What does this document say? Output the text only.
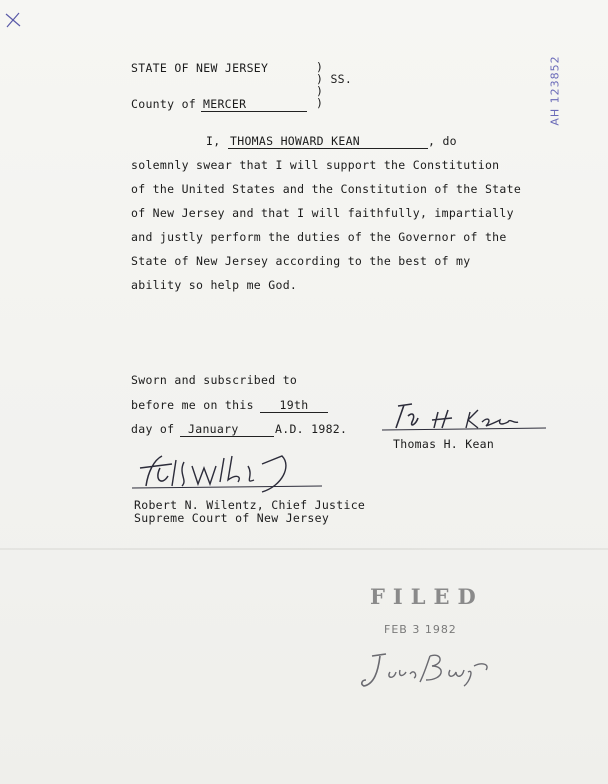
AH 123852
STATE OF NEW JERSEY	)
) SS.
)
County of MERCER	)
I, THOMAS HOWARD KEAN	, do
solemnly swear that I will support the Constitution
of the United States and the Constitution of the State
of New Jersey and that I will faithfully, impartially
and justly perform the duties of the Governor of the
State of New Jersey according to the best of my
ability so help me God.
Sworn and subscribed to
before me on this	19th
day of	January	A.D. 1982.
Thomas H. Kean
Robert N. Wilentz, Chief Justice
Supreme Court of New Jersey
FILED
FEB 3 1982
